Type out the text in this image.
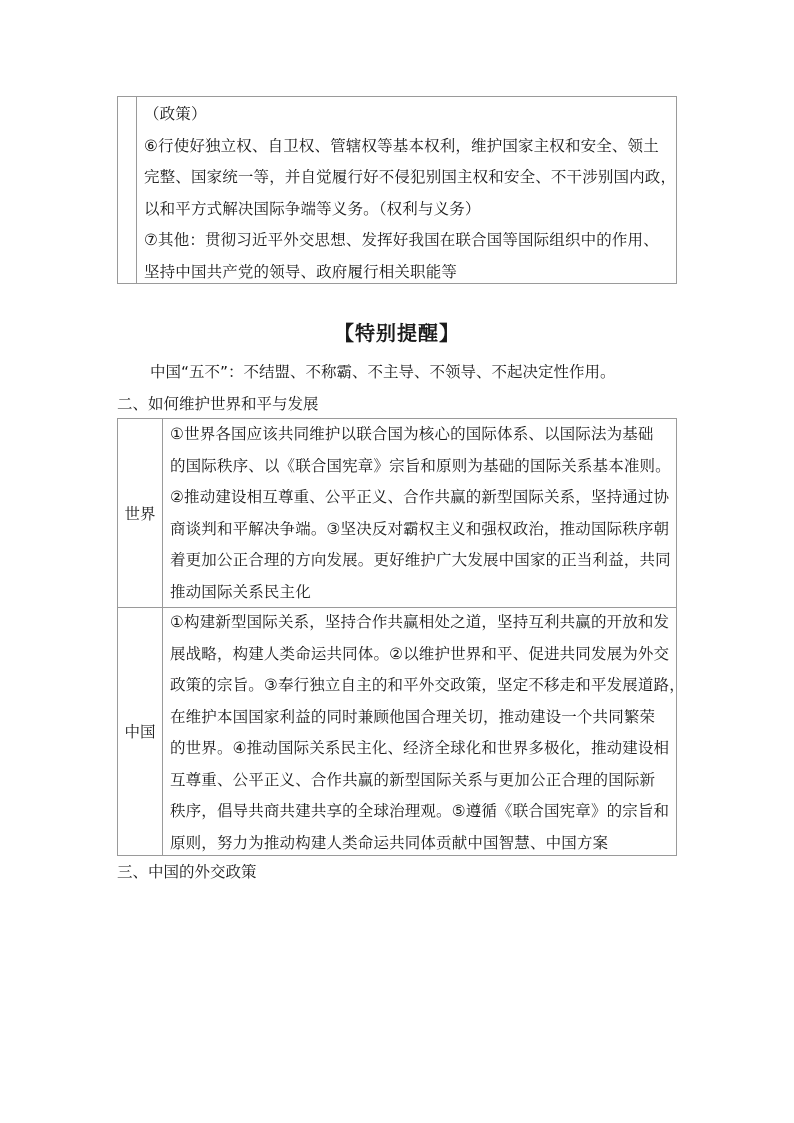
（政策）
⑥行使好独立权、自卫权、管辖权等基本权利，维护国家主权和安全、领土
完整、国家统一等，并自觉履行好不侵犯别国主权和安全、不干涉别国内政，
以和平方式解决国际争端等义务。（权利与义务）
⑦其他：贯彻习近平外交思想、发挥好我国在联合国等国际组织中的作用、
坚持中国共产党的领导、政府履行相关职能等
【特别提醒】
中国“五不”：不结盟、不称霸、不主导、不领导、不起决定性作用。
二、如何维护世界和平与发展
世界
①世界各国应该共同维护以联合国为核心的国际体系、以国际法为基础
的国际秩序、以《联合国宪章》宗旨和原则为基础的国际关系基本准则。
②推动建设相互尊重、公平正义、合作共赢的新型国际关系，坚持通过协
商谈判和平解决争端。③坚决反对霸权主义和强权政治，推动国际秩序朝
着更加公正合理的方向发展。更好维护广大发展中国家的正当利益，共同
推动国际关系民主化
中国
①构建新型国际关系，坚持合作共赢相处之道，坚持互利共赢的开放和发
展战略，构建人类命运共同体。②以维护世界和平、促进共同发展为外交
政策的宗旨。③奉行独立自主的和平外交政策，坚定不移走和平发展道路，
在维护本国国家利益的同时兼顾他国合理关切，推动建设一个共同繁荣
的世界。④推动国际关系民主化、经济全球化和世界多极化，推动建设相
互尊重、公平正义、合作共赢的新型国际关系与更加公正合理的国际新
秩序，倡导共商共建共享的全球治理观。⑤遵循《联合国宪章》的宗旨和
原则，努力为推动构建人类命运共同体贡献中国智慧、中国方案
三、中国的外交政策
